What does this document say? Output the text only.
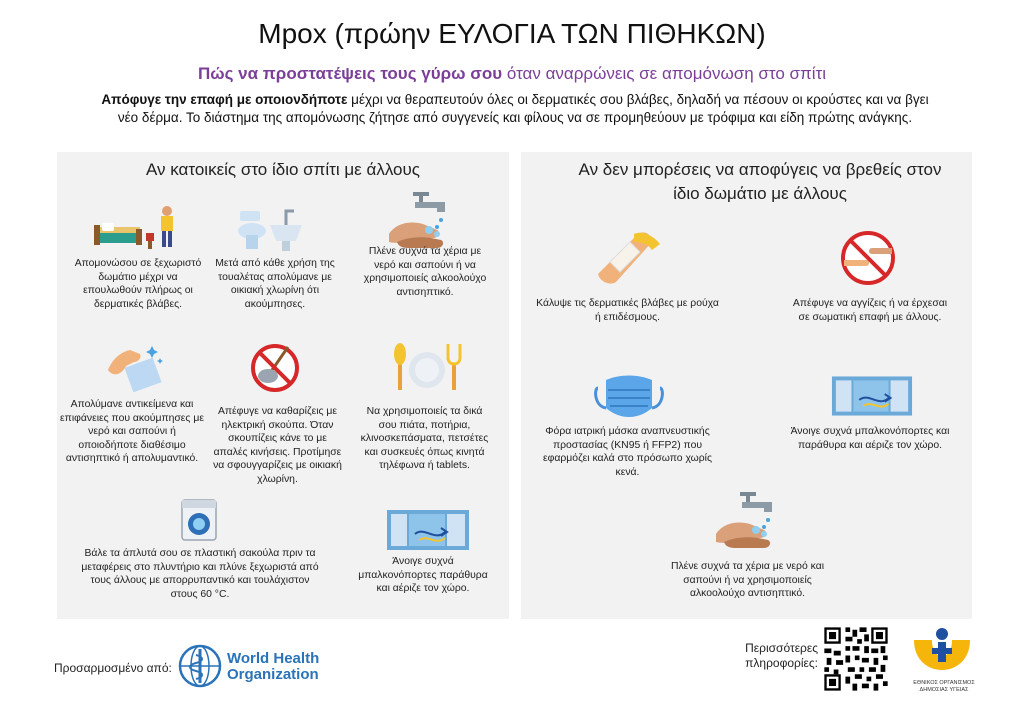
Mpox (πρώην ΕΥΛΟΓΙΑ ΤΩΝ ΠΙΘΗΚΩΝ)
Πώς να προστατέψεις τους γύρω σου όταν αναρρώνεις σε απομόνωση στο σπίτι
Απόφυγε την επαφή με οποιονδήποτε μέχρι να θεραπευτούν όλες οι δερματικές σου βλάβες, δηλαδή να πέσουν οι κρούστες και να βγει νέο δέρμα. Το διάστημα της απομόνωσης ζήτησε από συγγενείς και φίλους να σε προμηθεύουν με τρόφιμα και είδη πρώτης ανάγκης.
Αν κατοικείς στο ίδιο σπίτι με άλλους
Απομονώσου σε ξεχωριστό δωμάτιο μέχρι να επουλωθούν πλήρως οι δερματικές βλάβες.
Μετά από κάθε χρήση της τουαλέτας απολύμανε με οικιακή χλωρίνη ότι ακούμπησες.
Πλένε συχνά τα χέρια με νερό και σαπούνι ή να χρησιμοποιείς αλκοολούχο αντισηπτικό.
Απολύμανε αντικείμενα και επιφάνειες που ακούμπησες με νερό και σαπούνι ή οποιοδήποτε διαθέσιμο αντισηπτικό ή απολυμαντικό.
Απέφυγε να καθαρίζεις με ηλεκτρική σκούπα. Όταν σκουπίζεις κάνε το με απαλές κινήσεις. Προτίμησε να σφουγγαρίζεις με οικιακή χλωρίνη.
Να χρησιμοποιείς τα δικά σου πιάτα, ποτήρια, κλινοσκεπάσματα, πετσέτες και συσκευές όπως κινητά τηλέφωνα ή tablets.
Βάλε τα άπλυτά σου σε πλαστική σακούλα πριν τα μεταφέρεις στο πλυντήριο και πλύνε ξεχωριστά από τους άλλους με απορρυπαντικό και τουλάχιστον στους 60 °C.
Άνοιγε συχνά μπαλκονόπορτες παράθυρα και αέριζε τον χώρο.
Αν δεν μπορέσεις να αποφύγεις να βρεθείς στον ίδιο δωμάτιο με άλλους
Κάλυψε τις δερματικές βλάβες με ρούχα ή επιδέσμους.
Απέφυγε να αγγίζεις ή να έρχεσαι σε σωματική επαφή με άλλους.
Φόρα ιατρική μάσκα αναπνευστικής προστασίας (KN95 ή FFP2) που εφαρμόζει καλά στο πρόσωπο χωρίς κενά.
Άνοιγε συχνά μπαλκονόπορτες και παράθυρα και αέριζε τον χώρο.
Πλένε συχνά τα χέρια με νερό και σαπούνι ή να χρησιμοποιείς αλκοολούχο αντισηπτικό.
Προσαρμοσμένο από:
World Health
Organization
Περισσότερες πληροφορίες:
ΕΘΝΙΚΟΣ ΟΡΓΑΝΙΣΜΟΣ
ΔΗΜΟΣΙΑΣ ΥΓΕΙΑΣ
